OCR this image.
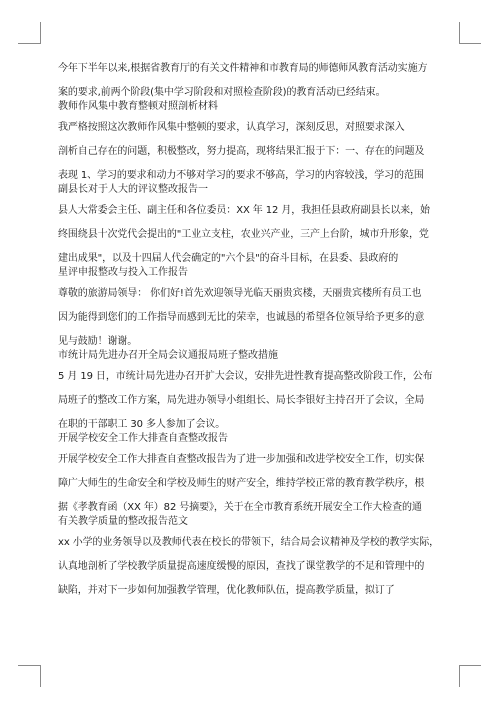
今年下半年以来,根据省教育厅的有关文件精神和市教育局的师德师风教育活动实施方

案的要求,前两个阶段(集中学习阶段和对照检查阶段)的教育活动已经结束。

教师作风集中教育整顿对照剖析材料

我严格按照这次教师作风集中整顿的要求，认真学习，深刻反思，对照要求深入

剖析自己存在的问题，积极整改，努力提高，现将结果汇报于下：一、存在的问题及

表现 1、学习的要求和动力不够对学习的要求不够高，学习的内容较浅，学习的范围

副县长对于人大的评议整改报告一

县人大常委会主任、副主任和各位委员：XX 年 12 月，我担任县政府副县长以来，始

终围绕县十次党代会提出的"工业立支柱，农业兴产业，三产上台阶，城市升形象，党

建出成果"，以及十四届人代会确定的"六个县"的奋斗目标，在县委、县政府的

星评申报整改与投入工作报告

尊敬的旅游局领导： 你们好!首先欢迎领导光临天丽贵宾楼，天丽贵宾楼所有员工也

因为能得到您们的工作指导而感到无比的荣幸，也诚恳的希望各位领导给予更多的意

见与鼓励！谢谢。

市统计局先进办召开全局会议通报局班子整改措施

5 月 19 日，市统计局先进办召开扩大会议，安排先进性教育提高整改阶段工作，公布

局班子的整改工作方案，局先进办领导小组组长、局长李银好主持召开了会议，全局

在职的干部职工 30 多人参加了会议。

开展学校安全工作大排查自查整改报告

开展学校安全工作大排查自查整改报告为了进一步加强和改进学校安全工作，切实保

障广大师生的生命安全和学校及师生的财产安全，维持学校正常的教育教学秩序，根

据《孝教育函（XX 年）82 号摘要》，关于在全市教育系统开展安全工作大检查的通

有关教学质量的整改报告范文

xx 小学的业务领导以及教师代表在校长的带领下，结合局会议精神及学校的教学实际，

认真地剖析了学校教学质量提高速度缓慢的原因，查找了课堂教学的不足和管理中的

缺陷，并对下一步如何加强教学管理，优化教师队伍，提高教学质量，拟订了
